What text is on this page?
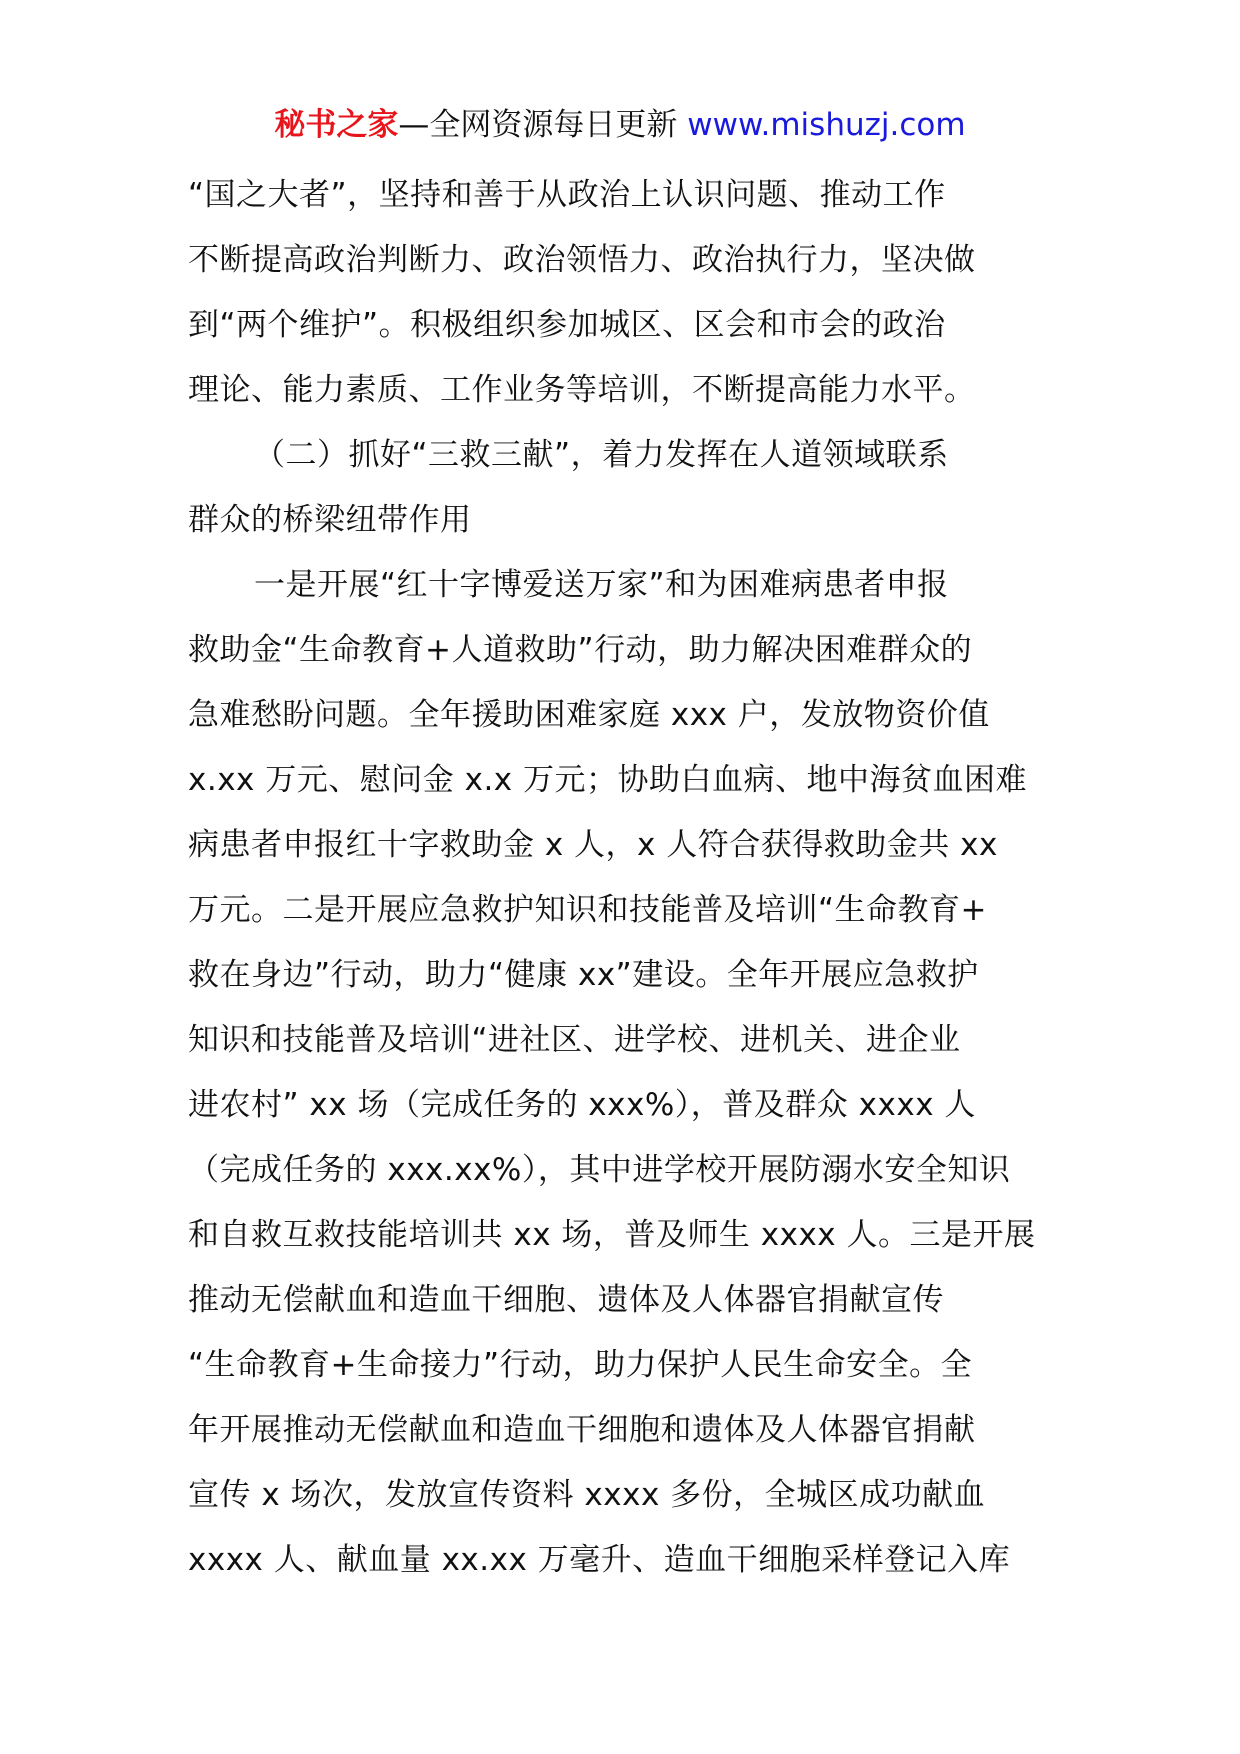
秘书之家—全网资源每日更新 www.mishuzj.com
“国之大者”，坚持和善于从政治上认识问题、推动工作
不断提高政治判断力、政治领悟力、政治执行力，坚决做
到“两个维护”。积极组织参加城区、区会和市会的政治
理论、能力素质、工作业务等培训，不断提高能力水平。
（二）抓好“三救三献”，着力发挥在人道领域联系
群众的桥梁纽带作用
一是开展“红十字博爱送万家”和为困难病患者申报
救助金“生命教育+人道救助”行动，助力解决困难群众的
急难愁盼问题。全年援助困难家庭 xxx 户，发放物资价值
x.xx 万元、慰问金 x.x 万元；协助白血病、地中海贫血困难
病患者申报红十字救助金 x 人，x 人符合获得救助金共 xx
万元。二是开展应急救护知识和技能普及培训“生命教育+
救在身边”行动，助力“健康 xx”建设。全年开展应急救护
知识和技能普及培训“进社区、进学校、进机关、进企业
进农村” xx 场（完成任务的 xxx%），普及群众 xxxx 人
（完成任务的 xxx.xx%），其中进学校开展防溺水安全知识
和自救互救技能培训共 xx 场，普及师生 xxxx 人。三是开展
推动无偿献血和造血干细胞、遗体及人体器官捐献宣传
“生命教育+生命接力”行动，助力保护人民生命安全。全
年开展推动无偿献血和造血干细胞和遗体及人体器官捐献
宣传 x 场次，发放宣传资料 xxxx 多份，全城区成功献血
xxxx 人、献血量 xx.xx 万毫升、造血干细胞采样登记入库
